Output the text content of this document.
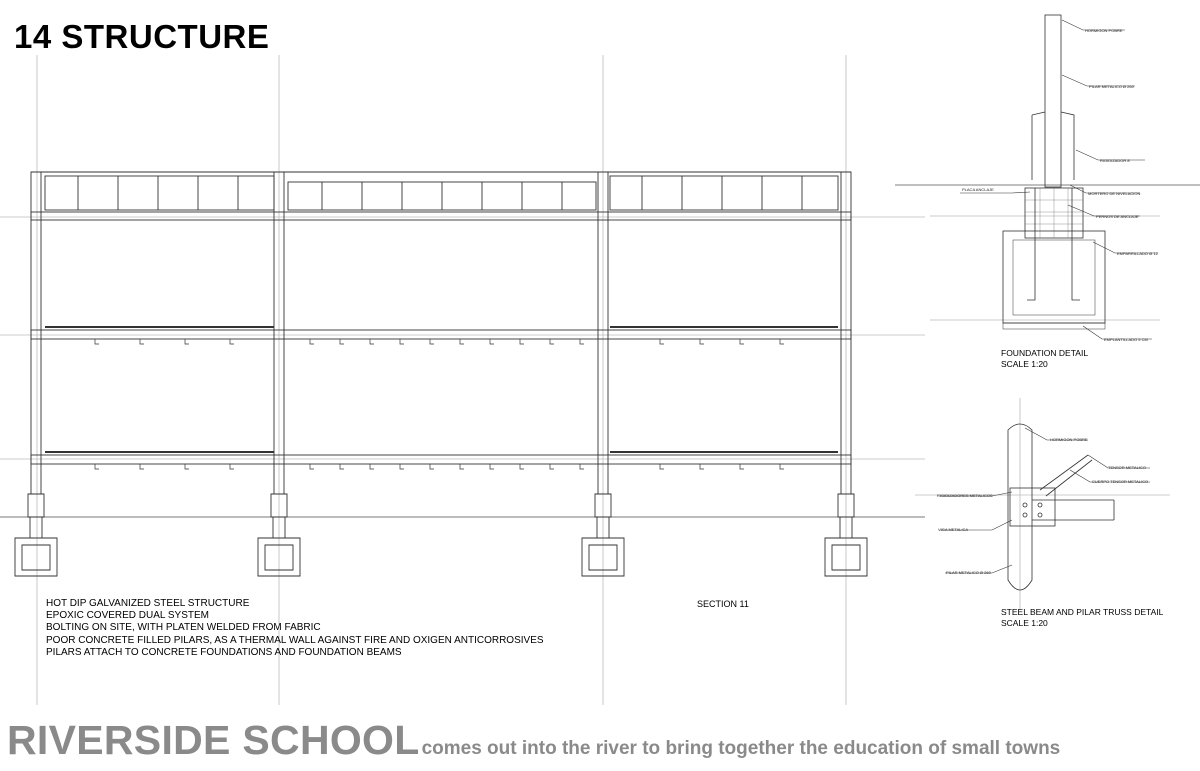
14 STRUCTURE	HORMIGON POBRE
PILAR METALICO Ø 260
RIGIDIZADOR 8
PLACA ANCLAJE
MORTERO DE NIVELACION
PERNOS DE ANCLAJE
EMPARRILLADO Ø 12
EMPLANTILLADO 5 CM
HORMIGON POBRE
TENSOR METALICO
CUERPO TENSOR METALICO
RIGIDIZADORES METALICOS
VIGA METALICA
PILAR METALICO Ø 260
HOT DIP GALVANIZED STEEL STRUCTURE
EPOXIC COVERED DUAL SYSTEM
BOLTING ON SITE, WITH PLATEN WELDED FROM FABRIC
POOR CONCRETE FILLED PILARS, AS A THERMAL WALL AGAINST FIRE AND OXIGEN ANTICORROSIVES
PILARS ATTACH TO CONCRETE FOUNDATIONS AND FOUNDATION BEAMS
SECTION 11
FOUNDATION DETAIL
SCALE 1:20
STEEL BEAM AND PILAR TRUSS DETAIL
SCALE 1:20
RIVERSIDE SCHOOL comes out into the river to bring together the education of small towns
